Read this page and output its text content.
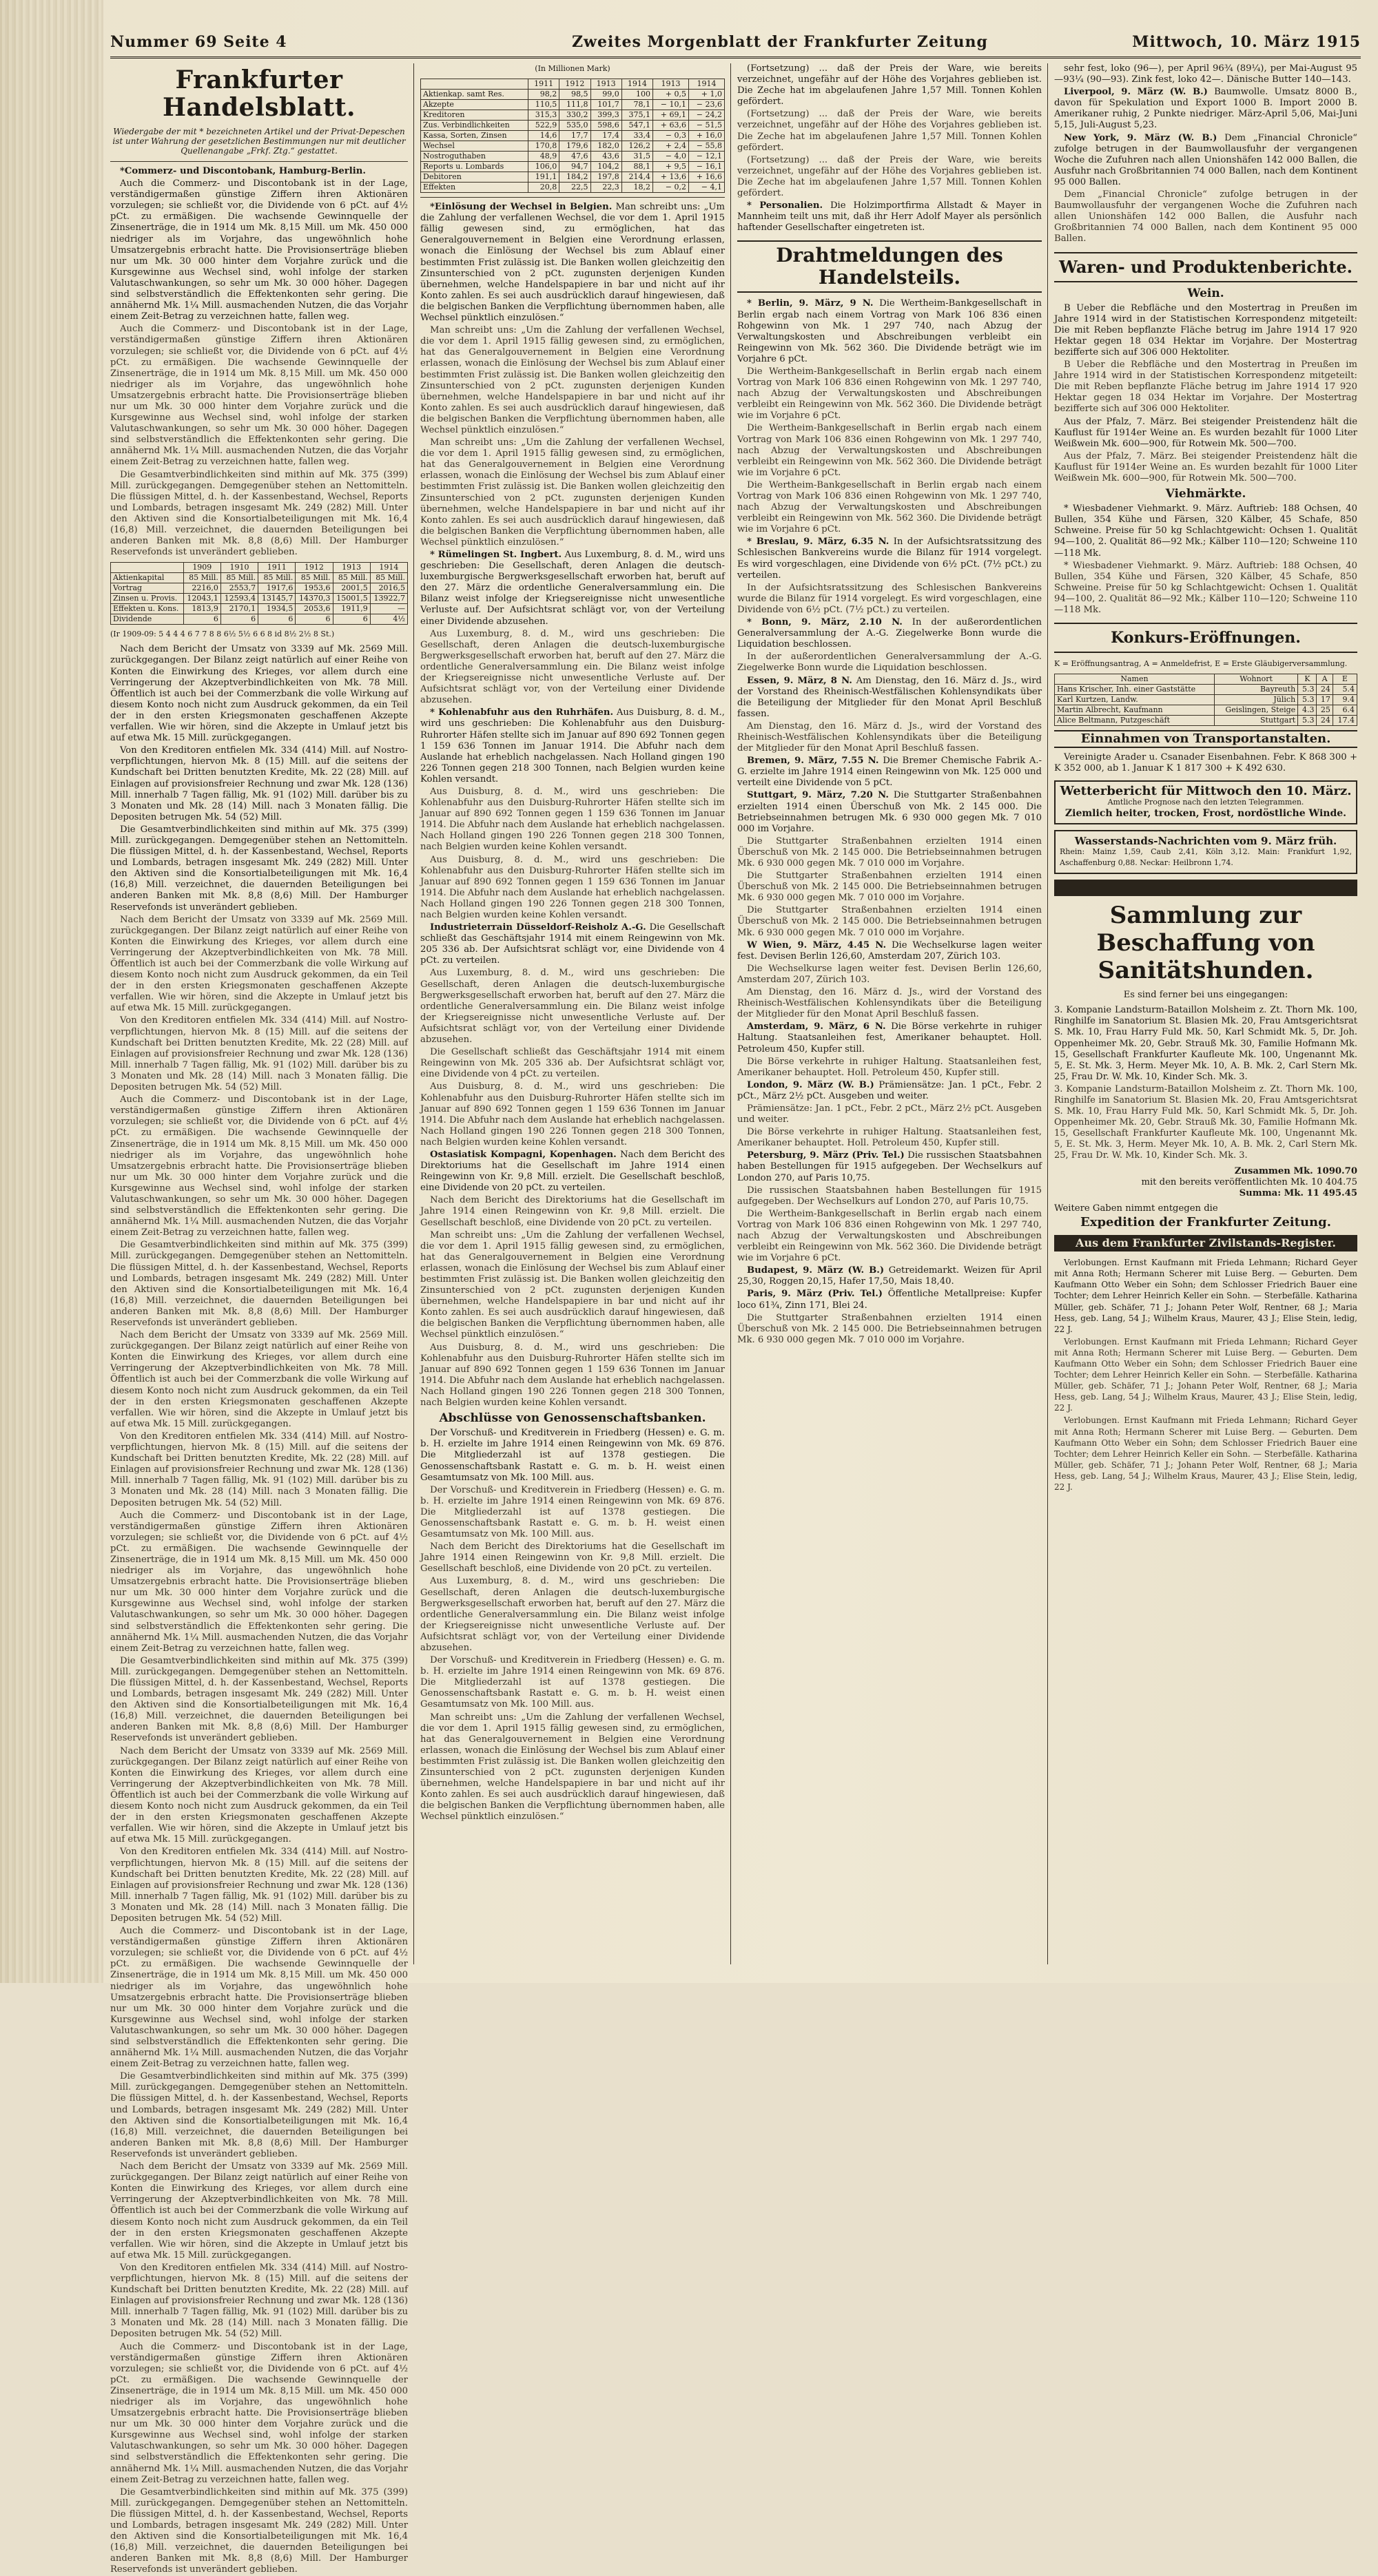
Nummer 69 Seite 4	Zweites Morgenblatt der Frankfurter Zeitung	Mittwoch, 10. März 1915
Frankfurter Handelsblatt.
Wiedergabe der mit * bezeichneten Artikel und der Privat-Depeschen ist unter Wahrung der gesetzlichen Bestimmungen nur mit deutlicher Quellenangabe „Frkf. Ztg.“ gestattet.

*Commerz- und Discontobank, Hamburg-Berlin.

Auch die Commerz- und Discontobank ist in der Lage, verständigermaßen günstige Ziffern ihren Aktionären vorzulegen; sie schließt vor, die Dividende von 6 pCt. auf 4½ pCt. zu ermäßigen. Die wachsende Gewinnquelle der Zinsenerträge, die in 1914 um Mk. 8,15 Mill. um Mk. 450 000 niedriger als im Vorjahre, das ungewöhnlich hohe Umsatzergebnis erbracht hatte. Die Provisionserträge blieben nur um Mk. 30 000 hinter dem Vorjahre zurück und die Kursgewinne aus Wechsel sind, wohl infolge der starken Valutaschwankungen, so sehr um Mk. 30 000 höher. Dagegen sind selbstverständlich die Effektenkonten sehr gering. Die annähernd Mk. 1¼ Mill. ausmachenden Nutzen, die das Vorjahr einem Zeit-Betrag zu verzeichnen hatte, fallen weg.

Auch die Commerz- und Discontobank ist in der Lage, verständigermaßen günstige Ziffern ihren Aktionären vorzulegen; sie schließt vor, die Dividende von 6 pCt. auf 4½ pCt. zu ermäßigen. Die wachsende Gewinnquelle der Zinsenerträge, die in 1914 um Mk. 8,15 Mill. um Mk. 450 000 niedriger als im Vorjahre, das ungewöhnlich hohe Umsatzergebnis erbracht hatte. Die Provisionserträge blieben nur um Mk. 30 000 hinter dem Vorjahre zurück und die Kursgewinne aus Wechsel sind, wohl infolge der starken Valutaschwankungen, so sehr um Mk. 30 000 höher. Dagegen sind selbstverständlich die Effektenkonten sehr gering. Die annähernd Mk. 1¼ Mill. ausmachenden Nutzen, die das Vorjahr einem Zeit-Betrag zu verzeichnen hatte, fallen weg.

Die Gesamtverbindlichkeiten sind mithin auf Mk. 375 (399) Mill. zurückgegangen. Demgegenüber stehen an Nettomitteln. Die flüssigen Mittel, d. h. der Kassenbestand, Wechsel, Reports und Lombards, betragen insgesamt Mk. 249 (282) Mill. Unter den Aktiven sind die Konsortialbeteiligungen mit Mk. 16,4 (16,8) Mill. verzeichnet, die dauernden Beteiligungen bei anderen Banken mit Mk. 8,8 (8,6) Mill. Der Hamburger Reservefonds ist unverändert geblieben.

	1909	1910	1911	1912	1913	1914
Aktienkapital	85 Mill.	85 Mill.	85 Mill.	85 Mill.	85 Mill.	85 Mill.
Vortrag	2216,0	2553,7	1917,6	1953,6	2001,5	2016,5
Zinsen u. Provis.	12043,1	12593,4	13145,7	14370,3	15001,5	13922,7
Effekten u. Kons.	1813,9	2170,1	1934,5	2053,6	1911,9	—
Dividende	6	6	6	6	6	4½
(Ir 1909-09: 5 4 4 4 6 7 7 8 8 6½ 5½ 6 6 8 id 8½ 2½ 8 St.)

Nach dem Bericht der Umsatz von 3339 auf Mk. 2569 Mill. zurückgegangen. Der Bilanz zeigt natürlich auf einer Reihe von Konten die Einwirkung des Krieges, vor allem durch eine Verringerung der Akzeptverbindlichkeiten von Mk. 78 Mill. Öffentlich ist auch bei der Commerzbank die volle Wirkung auf diesem Konto noch nicht zum Ausdruck gekommen, da ein Teil der in den ersten Kriegsmonaten geschaffenen Akzepte verfallen. Wie wir hören, sind die Akzepte in Umlauf jetzt bis auf etwa Mk. 15 Mill. zurückgegangen.

Von den Kreditoren entfielen Mk. 334 (414) Mill. auf Nostro-verpflichtungen, hiervon Mk. 8 (15) Mill. auf die seitens der Kundschaft bei Dritten benutzten Kredite, Mk. 22 (28) Mill. auf Einlagen auf provisionsfreier Rechnung und zwar Mk. 128 (136) Mill. innerhalb 7 Tagen fällig, Mk. 91 (102) Mill. darüber bis zu 3 Monaten und Mk. 28 (14) Mill. nach 3 Monaten fällig. Die Depositen betrugen Mk. 54 (52) Mill.

Die Gesamtverbindlichkeiten sind mithin auf Mk. 375 (399) Mill. zurückgegangen. Demgegenüber stehen an Nettomitteln. Die flüssigen Mittel, d. h. der Kassenbestand, Wechsel, Reports und Lombards, betragen insgesamt Mk. 249 (282) Mill. Unter den Aktiven sind die Konsortialbeteiligungen mit Mk. 16,4 (16,8) Mill. verzeichnet, die dauernden Beteiligungen bei anderen Banken mit Mk. 8,8 (8,6) Mill. Der Hamburger Reservefonds ist unverändert geblieben.

Nach dem Bericht der Umsatz von 3339 auf Mk. 2569 Mill. zurückgegangen. Der Bilanz zeigt natürlich auf einer Reihe von Konten die Einwirkung des Krieges, vor allem durch eine Verringerung der Akzeptverbindlichkeiten von Mk. 78 Mill. Öffentlich ist auch bei der Commerzbank die volle Wirkung auf diesem Konto noch nicht zum Ausdruck gekommen, da ein Teil der in den ersten Kriegsmonaten geschaffenen Akzepte verfallen. Wie wir hören, sind die Akzepte in Umlauf jetzt bis auf etwa Mk. 15 Mill. zurückgegangen.

Von den Kreditoren entfielen Mk. 334 (414) Mill. auf Nostro-verpflichtungen, hiervon Mk. 8 (15) Mill. auf die seitens der Kundschaft bei Dritten benutzten Kredite, Mk. 22 (28) Mill. auf Einlagen auf provisionsfreier Rechnung und zwar Mk. 128 (136) Mill. innerhalb 7 Tagen fällig, Mk. 91 (102) Mill. darüber bis zu 3 Monaten und Mk. 28 (14) Mill. nach 3 Monaten fällig. Die Depositen betrugen Mk. 54 (52) Mill.

Auch die Commerz- und Discontobank ist in der Lage, verständigermaßen günstige Ziffern ihren Aktionären vorzulegen; sie schließt vor, die Dividende von 6 pCt. auf 4½ pCt. zu ermäßigen. Die wachsende Gewinnquelle der Zinsenerträge, die in 1914 um Mk. 8,15 Mill. um Mk. 450 000 niedriger als im Vorjahre, das ungewöhnlich hohe Umsatzergebnis erbracht hatte. Die Provisionserträge blieben nur um Mk. 30 000 hinter dem Vorjahre zurück und die Kursgewinne aus Wechsel sind, wohl infolge der starken Valutaschwankungen, so sehr um Mk. 30 000 höher. Dagegen sind selbstverständlich die Effektenkonten sehr gering. Die annähernd Mk. 1¼ Mill. ausmachenden Nutzen, die das Vorjahr einem Zeit-Betrag zu verzeichnen hatte, fallen weg.

Die Gesamtverbindlichkeiten sind mithin auf Mk. 375 (399) Mill. zurückgegangen. Demgegenüber stehen an Nettomitteln. Die flüssigen Mittel, d. h. der Kassenbestand, Wechsel, Reports und Lombards, betragen insgesamt Mk. 249 (282) Mill. Unter den Aktiven sind die Konsortialbeteiligungen mit Mk. 16,4 (16,8) Mill. verzeichnet, die dauernden Beteiligungen bei anderen Banken mit Mk. 8,8 (8,6) Mill. Der Hamburger Reservefonds ist unverändert geblieben.

Nach dem Bericht der Umsatz von 3339 auf Mk. 2569 Mill. zurückgegangen. Der Bilanz zeigt natürlich auf einer Reihe von Konten die Einwirkung des Krieges, vor allem durch eine Verringerung der Akzeptverbindlichkeiten von Mk. 78 Mill. Öffentlich ist auch bei der Commerzbank die volle Wirkung auf diesem Konto noch nicht zum Ausdruck gekommen, da ein Teil der in den ersten Kriegsmonaten geschaffenen Akzepte verfallen. Wie wir hören, sind die Akzepte in Umlauf jetzt bis auf etwa Mk. 15 Mill. zurückgegangen.

Von den Kreditoren entfielen Mk. 334 (414) Mill. auf Nostro-verpflichtungen, hiervon Mk. 8 (15) Mill. auf die seitens der Kundschaft bei Dritten benutzten Kredite, Mk. 22 (28) Mill. auf Einlagen auf provisionsfreier Rechnung und zwar Mk. 128 (136) Mill. innerhalb 7 Tagen fällig, Mk. 91 (102) Mill. darüber bis zu 3 Monaten und Mk. 28 (14) Mill. nach 3 Monaten fällig. Die Depositen betrugen Mk. 54 (52) Mill.

Auch die Commerz- und Discontobank ist in der Lage, verständigermaßen günstige Ziffern ihren Aktionären vorzulegen; sie schließt vor, die Dividende von 6 pCt. auf 4½ pCt. zu ermäßigen. Die wachsende Gewinnquelle der Zinsenerträge, die in 1914 um Mk. 8,15 Mill. um Mk. 450 000 niedriger als im Vorjahre, das ungewöhnlich hohe Umsatzergebnis erbracht hatte. Die Provisionserträge blieben nur um Mk. 30 000 hinter dem Vorjahre zurück und die Kursgewinne aus Wechsel sind, wohl infolge der starken Valutaschwankungen, so sehr um Mk. 30 000 höher. Dagegen sind selbstverständlich die Effektenkonten sehr gering. Die annähernd Mk. 1¼ Mill. ausmachenden Nutzen, die das Vorjahr einem Zeit-Betrag zu verzeichnen hatte, fallen weg.

Die Gesamtverbindlichkeiten sind mithin auf Mk. 375 (399) Mill. zurückgegangen. Demgegenüber stehen an Nettomitteln. Die flüssigen Mittel, d. h. der Kassenbestand, Wechsel, Reports und Lombards, betragen insgesamt Mk. 249 (282) Mill. Unter den Aktiven sind die Konsortialbeteiligungen mit Mk. 16,4 (16,8) Mill. verzeichnet, die dauernden Beteiligungen bei anderen Banken mit Mk. 8,8 (8,6) Mill. Der Hamburger Reservefonds ist unverändert geblieben.

Nach dem Bericht der Umsatz von 3339 auf Mk. 2569 Mill. zurückgegangen. Der Bilanz zeigt natürlich auf einer Reihe von Konten die Einwirkung des Krieges, vor allem durch eine Verringerung der Akzeptverbindlichkeiten von Mk. 78 Mill. Öffentlich ist auch bei der Commerzbank die volle Wirkung auf diesem Konto noch nicht zum Ausdruck gekommen, da ein Teil der in den ersten Kriegsmonaten geschaffenen Akzepte verfallen. Wie wir hören, sind die Akzepte in Umlauf jetzt bis auf etwa Mk. 15 Mill. zurückgegangen.

Von den Kreditoren entfielen Mk. 334 (414) Mill. auf Nostro-verpflichtungen, hiervon Mk. 8 (15) Mill. auf die seitens der Kundschaft bei Dritten benutzten Kredite, Mk. 22 (28) Mill. auf Einlagen auf provisionsfreier Rechnung und zwar Mk. 128 (136) Mill. innerhalb 7 Tagen fällig, Mk. 91 (102) Mill. darüber bis zu 3 Monaten und Mk. 28 (14) Mill. nach 3 Monaten fällig. Die Depositen betrugen Mk. 54 (52) Mill.

Auch die Commerz- und Discontobank ist in der Lage, verständigermaßen günstige Ziffern ihren Aktionären vorzulegen; sie schließt vor, die Dividende von 6 pCt. auf 4½ pCt. zu ermäßigen. Die wachsende Gewinnquelle der Zinsenerträge, die in 1914 um Mk. 8,15 Mill. um Mk. 450 000 niedriger als im Vorjahre, das ungewöhnlich hohe Umsatzergebnis erbracht hatte. Die Provisionserträge blieben nur um Mk. 30 000 hinter dem Vorjahre zurück und die Kursgewinne aus Wechsel sind, wohl infolge der starken Valutaschwankungen, so sehr um Mk. 30 000 höher. Dagegen sind selbstverständlich die Effektenkonten sehr gering. Die annähernd Mk. 1¼ Mill. ausmachenden Nutzen, die das Vorjahr einem Zeit-Betrag zu verzeichnen hatte, fallen weg.

Die Gesamtverbindlichkeiten sind mithin auf Mk. 375 (399) Mill. zurückgegangen. Demgegenüber stehen an Nettomitteln. Die flüssigen Mittel, d. h. der Kassenbestand, Wechsel, Reports und Lombards, betragen insgesamt Mk. 249 (282) Mill. Unter den Aktiven sind die Konsortialbeteiligungen mit Mk. 16,4 (16,8) Mill. verzeichnet, die dauernden Beteiligungen bei anderen Banken mit Mk. 8,8 (8,6) Mill. Der Hamburger Reservefonds ist unverändert geblieben.

Nach dem Bericht der Umsatz von 3339 auf Mk. 2569 Mill. zurückgegangen. Der Bilanz zeigt natürlich auf einer Reihe von Konten die Einwirkung des Krieges, vor allem durch eine Verringerung der Akzeptverbindlichkeiten von Mk. 78 Mill. Öffentlich ist auch bei der Commerzbank die volle Wirkung auf diesem Konto noch nicht zum Ausdruck gekommen, da ein Teil der in den ersten Kriegsmonaten geschaffenen Akzepte verfallen. Wie wir hören, sind die Akzepte in Umlauf jetzt bis auf etwa Mk. 15 Mill. zurückgegangen.

Von den Kreditoren entfielen Mk. 334 (414) Mill. auf Nostro-verpflichtungen, hiervon Mk. 8 (15) Mill. auf die seitens der Kundschaft bei Dritten benutzten Kredite, Mk. 22 (28) Mill. auf Einlagen auf provisionsfreier Rechnung und zwar Mk. 128 (136) Mill. innerhalb 7 Tagen fällig, Mk. 91 (102) Mill. darüber bis zu 3 Monaten und Mk. 28 (14) Mill. nach 3 Monaten fällig. Die Depositen betrugen Mk. 54 (52) Mill.

Auch die Commerz- und Discontobank ist in der Lage, verständigermaßen günstige Ziffern ihren Aktionären vorzulegen; sie schließt vor, die Dividende von 6 pCt. auf 4½ pCt. zu ermäßigen. Die wachsende Gewinnquelle der Zinsenerträge, die in 1914 um Mk. 8,15 Mill. um Mk. 450 000 niedriger als im Vorjahre, das ungewöhnlich hohe Umsatzergebnis erbracht hatte. Die Provisionserträge blieben nur um Mk. 30 000 hinter dem Vorjahre zurück und die Kursgewinne aus Wechsel sind, wohl infolge der starken Valutaschwankungen, so sehr um Mk. 30 000 höher. Dagegen sind selbstverständlich die Effektenkonten sehr gering. Die annähernd Mk. 1¼ Mill. ausmachenden Nutzen, die das Vorjahr einem Zeit-Betrag zu verzeichnen hatte, fallen weg.

Die Gesamtverbindlichkeiten sind mithin auf Mk. 375 (399) Mill. zurückgegangen. Demgegenüber stehen an Nettomitteln. Die flüssigen Mittel, d. h. der Kassenbestand, Wechsel, Reports und Lombards, betragen insgesamt Mk. 249 (282) Mill. Unter den Aktiven sind die Konsortialbeteiligungen mit Mk. 16,4 (16,8) Mill. verzeichnet, die dauernden Beteiligungen bei anderen Banken mit Mk. 8,8 (8,6) Mill. Der Hamburger Reservefonds ist unverändert geblieben.

(In Millionen Mark)
	1911	1912	1913	1914	1913	1914
Aktienkap. samt Res.	98,2	98,5	99,0	100	+ 0,5	+ 1,0
Akzepte	110,5	111,8	101,7	78,1	− 10,1	− 23,6
Kreditoren	315,3	330,2	399,3	375,1	+ 69,1	− 24,2
Zus. Verbindlichkeiten	522,9	535,0	598,6	547,1	+ 63,6	− 51,5
Kassa, Sorten, Zinsen	14,6	17,7	17,4	33,4	− 0,3	+ 16,0
Wechsel	170,8	179,6	182,0	126,2	+ 2,4	− 55,8
Nostroguthaben	48,9	47,6	43,6	31,5	− 4,0	− 12,1
Reports u. Lombards	106,0	94,7	104,2	88,1	+ 9,5	− 16,1
Debitoren	191,1	184,2	197,8	214,4	+ 13,6	+ 16,6
Effekten	20,8	22,5	22,3	18,2	− 0,2	− 4,1

*Einlösung der Wechsel in Belgien. Man schreibt uns: „Um die Zahlung der verfallenen Wechsel, die vor dem 1. April 1915 fällig gewesen sind, zu ermöglichen, hat das Generalgouvernement in Belgien eine Verordnung erlassen, wonach die Einlösung der Wechsel bis zum Ablauf einer bestimmten Frist zulässig ist. Die Banken wollen gleichzeitig den Zinsunterschied von 2 pCt. zugunsten derjenigen Kunden übernehmen, welche Handelspapiere in bar und nicht auf ihr Konto zahlen. Es sei auch ausdrücklich darauf hingewiesen, daß die belgischen Banken die Verpflichtung übernommen haben, alle Wechsel pünktlich einzulösen.“

Man schreibt uns: „Um die Zahlung der verfallenen Wechsel, die vor dem 1. April 1915 fällig gewesen sind, zu ermöglichen, hat das Generalgouvernement in Belgien eine Verordnung erlassen, wonach die Einlösung der Wechsel bis zum Ablauf einer bestimmten Frist zulässig ist. Die Banken wollen gleichzeitig den Zinsunterschied von 2 pCt. zugunsten derjenigen Kunden übernehmen, welche Handelspapiere in bar und nicht auf ihr Konto zahlen. Es sei auch ausdrücklich darauf hingewiesen, daß die belgischen Banken die Verpflichtung übernommen haben, alle Wechsel pünktlich einzulösen.“

Man schreibt uns: „Um die Zahlung der verfallenen Wechsel, die vor dem 1. April 1915 fällig gewesen sind, zu ermöglichen, hat das Generalgouvernement in Belgien eine Verordnung erlassen, wonach die Einlösung der Wechsel bis zum Ablauf einer bestimmten Frist zulässig ist. Die Banken wollen gleichzeitig den Zinsunterschied von 2 pCt. zugunsten derjenigen Kunden übernehmen, welche Handelspapiere in bar und nicht auf ihr Konto zahlen. Es sei auch ausdrücklich darauf hingewiesen, daß die belgischen Banken die Verpflichtung übernommen haben, alle Wechsel pünktlich einzulösen.“

* Rümelingen St. Ingbert. Aus Luxemburg, 8. d. M., wird uns geschrieben: Die Gesellschaft, deren Anlagen die deutsch-luxemburgische Bergwerksgesellschaft erworben hat, beruft auf den 27. März die ordentliche Generalversammlung ein. Die Bilanz weist infolge der Kriegsereignisse nicht unwesentliche Verluste auf. Der Aufsichtsrat schlägt vor, von der Verteilung einer Dividende abzusehen.

Aus Luxemburg, 8. d. M., wird uns geschrieben: Die Gesellschaft, deren Anlagen die deutsch-luxemburgische Bergwerksgesellschaft erworben hat, beruft auf den 27. März die ordentliche Generalversammlung ein. Die Bilanz weist infolge der Kriegsereignisse nicht unwesentliche Verluste auf. Der Aufsichtsrat schlägt vor, von der Verteilung einer Dividende abzusehen.

* Kohlenabfuhr aus den Ruhrhäfen. Aus Duisburg, 8. d. M., wird uns geschrieben: Die Kohlenabfuhr aus den Duisburg-Ruhrorter Häfen stellte sich im Januar auf 890 692 Tonnen gegen 1 159 636 Tonnen im Januar 1914. Die Abfuhr nach dem Auslande hat erheblich nachgelassen. Nach Holland gingen 190 226 Tonnen gegen 218 300 Tonnen, nach Belgien wurden keine Kohlen versandt.

Aus Duisburg, 8. d. M., wird uns geschrieben: Die Kohlenabfuhr aus den Duisburg-Ruhrorter Häfen stellte sich im Januar auf 890 692 Tonnen gegen 1 159 636 Tonnen im Januar 1914. Die Abfuhr nach dem Auslande hat erheblich nachgelassen. Nach Holland gingen 190 226 Tonnen gegen 218 300 Tonnen, nach Belgien wurden keine Kohlen versandt.

Aus Duisburg, 8. d. M., wird uns geschrieben: Die Kohlenabfuhr aus den Duisburg-Ruhrorter Häfen stellte sich im Januar auf 890 692 Tonnen gegen 1 159 636 Tonnen im Januar 1914. Die Abfuhr nach dem Auslande hat erheblich nachgelassen. Nach Holland gingen 190 226 Tonnen gegen 218 300 Tonnen, nach Belgien wurden keine Kohlen versandt.

Industrieterrain Düsseldorf-Reisholz A.-G. Die Gesellschaft schließt das Geschäftsjahr 1914 mit einem Reingewinn von Mk. 205 336 ab. Der Aufsichtsrat schlägt vor, eine Dividende von 4 pCt. zu verteilen.

Aus Luxemburg, 8. d. M., wird uns geschrieben: Die Gesellschaft, deren Anlagen die deutsch-luxemburgische Bergwerksgesellschaft erworben hat, beruft auf den 27. März die ordentliche Generalversammlung ein. Die Bilanz weist infolge der Kriegsereignisse nicht unwesentliche Verluste auf. Der Aufsichtsrat schlägt vor, von der Verteilung einer Dividende abzusehen.

Die Gesellschaft schließt das Geschäftsjahr 1914 mit einem Reingewinn von Mk. 205 336 ab. Der Aufsichtsrat schlägt vor, eine Dividende von 4 pCt. zu verteilen.

Aus Duisburg, 8. d. M., wird uns geschrieben: Die Kohlenabfuhr aus den Duisburg-Ruhrorter Häfen stellte sich im Januar auf 890 692 Tonnen gegen 1 159 636 Tonnen im Januar 1914. Die Abfuhr nach dem Auslande hat erheblich nachgelassen. Nach Holland gingen 190 226 Tonnen gegen 218 300 Tonnen, nach Belgien wurden keine Kohlen versandt.

Ostasiatisk Kompagni, Kopenhagen. Nach dem Bericht des Direktoriums hat die Gesellschaft im Jahre 1914 einen Reingewinn von Kr. 9,8 Mill. erzielt. Die Gesellschaft beschloß, eine Dividende von 20 pCt. zu verteilen.

Nach dem Bericht des Direktoriums hat die Gesellschaft im Jahre 1914 einen Reingewinn von Kr. 9,8 Mill. erzielt. Die Gesellschaft beschloß, eine Dividende von 20 pCt. zu verteilen.

Man schreibt uns: „Um die Zahlung der verfallenen Wechsel, die vor dem 1. April 1915 fällig gewesen sind, zu ermöglichen, hat das Generalgouvernement in Belgien eine Verordnung erlassen, wonach die Einlösung der Wechsel bis zum Ablauf einer bestimmten Frist zulässig ist. Die Banken wollen gleichzeitig den Zinsunterschied von 2 pCt. zugunsten derjenigen Kunden übernehmen, welche Handelspapiere in bar und nicht auf ihr Konto zahlen. Es sei auch ausdrücklich darauf hingewiesen, daß die belgischen Banken die Verpflichtung übernommen haben, alle Wechsel pünktlich einzulösen.“

Aus Duisburg, 8. d. M., wird uns geschrieben: Die Kohlenabfuhr aus den Duisburg-Ruhrorter Häfen stellte sich im Januar auf 890 692 Tonnen gegen 1 159 636 Tonnen im Januar 1914. Die Abfuhr nach dem Auslande hat erheblich nachgelassen. Nach Holland gingen 190 226 Tonnen gegen 218 300 Tonnen, nach Belgien wurden keine Kohlen versandt.

Abschlüsse von Genossenschaftsbanken.

Der Vorschuß- und Kreditverein in Friedberg (Hessen) e. G. m. b. H. erzielte im Jahre 1914 einen Reingewinn von Mk. 69 876. Die Mitgliederzahl ist auf 1378 gestiegen. Die Genossenschaftsbank Rastatt e. G. m. b. H. weist einen Gesamtumsatz von Mk. 100 Mill. aus.

Der Vorschuß- und Kreditverein in Friedberg (Hessen) e. G. m. b. H. erzielte im Jahre 1914 einen Reingewinn von Mk. 69 876. Die Mitgliederzahl ist auf 1378 gestiegen. Die Genossenschaftsbank Rastatt e. G. m. b. H. weist einen Gesamtumsatz von Mk. 100 Mill. aus.

Nach dem Bericht des Direktoriums hat die Gesellschaft im Jahre 1914 einen Reingewinn von Kr. 9,8 Mill. erzielt. Die Gesellschaft beschloß, eine Dividende von 20 pCt. zu verteilen.

Aus Luxemburg, 8. d. M., wird uns geschrieben: Die Gesellschaft, deren Anlagen die deutsch-luxemburgische Bergwerksgesellschaft erworben hat, beruft auf den 27. März die ordentliche Generalversammlung ein. Die Bilanz weist infolge der Kriegsereignisse nicht unwesentliche Verluste auf. Der Aufsichtsrat schlägt vor, von der Verteilung einer Dividende abzusehen.

Der Vorschuß- und Kreditverein in Friedberg (Hessen) e. G. m. b. H. erzielte im Jahre 1914 einen Reingewinn von Mk. 69 876. Die Mitgliederzahl ist auf 1378 gestiegen. Die Genossenschaftsbank Rastatt e. G. m. b. H. weist einen Gesamtumsatz von Mk. 100 Mill. aus.

Man schreibt uns: „Um die Zahlung der verfallenen Wechsel, die vor dem 1. April 1915 fällig gewesen sind, zu ermöglichen, hat das Generalgouvernement in Belgien eine Verordnung erlassen, wonach die Einlösung der Wechsel bis zum Ablauf einer bestimmten Frist zulässig ist. Die Banken wollen gleichzeitig den Zinsunterschied von 2 pCt. zugunsten derjenigen Kunden übernehmen, welche Handelspapiere in bar und nicht auf ihr Konto zahlen. Es sei auch ausdrücklich darauf hingewiesen, daß die belgischen Banken die Verpflichtung übernommen haben, alle Wechsel pünktlich einzulösen.“

(Fortsetzung) ... daß der Preis der Ware, wie bereits verzeichnet, ungefähr auf der Höhe des Vorjahres geblieben ist. Die Zeche hat im abgelaufenen Jahre 1,57 Mill. Tonnen Kohlen gefördert.

(Fortsetzung) ... daß der Preis der Ware, wie bereits verzeichnet, ungefähr auf der Höhe des Vorjahres geblieben ist. Die Zeche hat im abgelaufenen Jahre 1,57 Mill. Tonnen Kohlen gefördert.

(Fortsetzung) ... daß der Preis der Ware, wie bereits verzeichnet, ungefähr auf der Höhe des Vorjahres geblieben ist. Die Zeche hat im abgelaufenen Jahre 1,57 Mill. Tonnen Kohlen gefördert.

* Personalien. Die Holzimportfirma Allstadt & Mayer in Mannheim teilt uns mit, daß ihr Herr Adolf Mayer als persönlich haftender Gesellschafter eingetreten ist.

Drahtmeldungen des Handelsteils.

* Berlin, 9. März, 9 N. Die Wertheim-Bankgesellschaft in Berlin ergab nach einem Vortrag von Mark 106 836 einen Rohgewinn von Mk. 1 297 740, nach Abzug der Verwaltungskosten und Abschreibungen verbleibt ein Reingewinn von Mk. 562 360. Die Dividende beträgt wie im Vorjahre 6 pCt.

Die Wertheim-Bankgesellschaft in Berlin ergab nach einem Vortrag von Mark 106 836 einen Rohgewinn von Mk. 1 297 740, nach Abzug der Verwaltungskosten und Abschreibungen verbleibt ein Reingewinn von Mk. 562 360. Die Dividende beträgt wie im Vorjahre 6 pCt.

Die Wertheim-Bankgesellschaft in Berlin ergab nach einem Vortrag von Mark 106 836 einen Rohgewinn von Mk. 1 297 740, nach Abzug der Verwaltungskosten und Abschreibungen verbleibt ein Reingewinn von Mk. 562 360. Die Dividende beträgt wie im Vorjahre 6 pCt.

Die Wertheim-Bankgesellschaft in Berlin ergab nach einem Vortrag von Mark 106 836 einen Rohgewinn von Mk. 1 297 740, nach Abzug der Verwaltungskosten und Abschreibungen verbleibt ein Reingewinn von Mk. 562 360. Die Dividende beträgt wie im Vorjahre 6 pCt.

* Breslau, 9. März, 6.35 N. In der Aufsichtsratssitzung des Schlesischen Bankvereins wurde die Bilanz für 1914 vorgelegt. Es wird vorgeschlagen, eine Dividende von 6½ pCt. (7½ pCt.) zu verteilen.

In der Aufsichtsratssitzung des Schlesischen Bankvereins wurde die Bilanz für 1914 vorgelegt. Es wird vorgeschlagen, eine Dividende von 6½ pCt. (7½ pCt.) zu verteilen.

* Bonn, 9. März, 2.10 N. In der außerordentlichen Generalversammlung der A.-G. Ziegelwerke Bonn wurde die Liquidation beschlossen.

In der außerordentlichen Generalversammlung der A.-G. Ziegelwerke Bonn wurde die Liquidation beschlossen.

Essen, 9. März, 8 N. Am Dienstag, den 16. März d. Js., wird der Vorstand des Rheinisch-Westfälischen Kohlensyndikats über die Beteiligung der Mitglieder für den Monat April Beschluß fassen.

Am Dienstag, den 16. März d. Js., wird der Vorstand des Rheinisch-Westfälischen Kohlensyndikats über die Beteiligung der Mitglieder für den Monat April Beschluß fassen.

Bremen, 9. März, 7.55 N. Die Bremer Chemische Fabrik A.-G. erzielte im Jahre 1914 einen Reingewinn von Mk. 125 000 und verteilt eine Dividende von 5 pCt.

Stuttgart, 9. März, 7.20 N. Die Stuttgarter Straßenbahnen erzielten 1914 einen Überschuß von Mk. 2 145 000. Die Betriebseinnahmen betrugen Mk. 6 930 000 gegen Mk. 7 010 000 im Vorjahre.

Die Stuttgarter Straßenbahnen erzielten 1914 einen Überschuß von Mk. 2 145 000. Die Betriebseinnahmen betrugen Mk. 6 930 000 gegen Mk. 7 010 000 im Vorjahre.

Die Stuttgarter Straßenbahnen erzielten 1914 einen Überschuß von Mk. 2 145 000. Die Betriebseinnahmen betrugen Mk. 6 930 000 gegen Mk. 7 010 000 im Vorjahre.

Die Stuttgarter Straßenbahnen erzielten 1914 einen Überschuß von Mk. 2 145 000. Die Betriebseinnahmen betrugen Mk. 6 930 000 gegen Mk. 7 010 000 im Vorjahre.

W Wien, 9. März, 4.45 N. Die Wechselkurse lagen weiter fest. Devisen Berlin 126,60, Amsterdam 207, Zürich 103.

Die Wechselkurse lagen weiter fest. Devisen Berlin 126,60, Amsterdam 207, Zürich 103.

Am Dienstag, den 16. März d. Js., wird der Vorstand des Rheinisch-Westfälischen Kohlensyndikats über die Beteiligung der Mitglieder für den Monat April Beschluß fassen.

Amsterdam, 9. März, 6 N. Die Börse verkehrte in ruhiger Haltung. Staatsanleihen fest, Amerikaner behauptet. Holl. Petroleum 450, Kupfer still.

Die Börse verkehrte in ruhiger Haltung. Staatsanleihen fest, Amerikaner behauptet. Holl. Petroleum 450, Kupfer still.

London, 9. März (W. B.) Prämiensätze: Jan. 1 pCt., Febr. 2 pCt., März 2½ pCt. Ausgeben und weiter.

Prämiensätze: Jan. 1 pCt., Febr. 2 pCt., März 2½ pCt. Ausgeben und weiter.

Die Börse verkehrte in ruhiger Haltung. Staatsanleihen fest, Amerikaner behauptet. Holl. Petroleum 450, Kupfer still.

Petersburg, 9. März (Priv. Tel.) Die russischen Staatsbahnen haben Bestellungen für 1915 aufgegeben. Der Wechselkurs auf London 270, auf Paris 10,75.

Die russischen Staatsbahnen haben Bestellungen für 1915 aufgegeben. Der Wechselkurs auf London 270, auf Paris 10,75.

Die Wertheim-Bankgesellschaft in Berlin ergab nach einem Vortrag von Mark 106 836 einen Rohgewinn von Mk. 1 297 740, nach Abzug der Verwaltungskosten und Abschreibungen verbleibt ein Reingewinn von Mk. 562 360. Die Dividende beträgt wie im Vorjahre 6 pCt.

Budapest, 9. März (W. B.) Getreidemarkt. Weizen für April 25,30, Roggen 20,15, Hafer 17,50, Mais 18,40.

Paris, 9. März (Priv. Tel.) Öffentliche Metallpreise: Kupfer loco 61¾, Zinn 171, Blei 24.

Die Stuttgarter Straßenbahnen erzielten 1914 einen Überschuß von Mk. 2 145 000. Die Betriebseinnahmen betrugen Mk. 6 930 000 gegen Mk. 7 010 000 im Vorjahre.

sehr fest, loko (96—), per April 96¾ (89¼), per Mai-August 95—93¼ (90—93). Zink fest, loko 42—. Dänische Butter 140—143.

Liverpool, 9. März (W. B.) Baumwolle. Umsatz 8000 B., davon für Spekulation und Export 1000 B. Import 2000 B. Amerikaner ruhig, 2 Punkte niedriger. März-April 5,06, Mai-Juni 5,15, Juli-August 5,23.

New York, 9. März (W. B.) Dem „Financial Chronicle“ zufolge betrugen in der Baumwollausfuhr der vergangenen Woche die Zufuhren nach allen Unionshäfen 142 000 Ballen, die Ausfuhr nach Großbritannien 74 000 Ballen, nach dem Kontinent 95 000 Ballen.

Dem „Financial Chronicle“ zufolge betrugen in der Baumwollausfuhr der vergangenen Woche die Zufuhren nach allen Unionshäfen 142 000 Ballen, die Ausfuhr nach Großbritannien 74 000 Ballen, nach dem Kontinent 95 000 Ballen.

Waren- und Produktenberichte.
Wein.

B Ueber die Rebfläche und den Mostertrag in Preußen im Jahre 1914 wird in der Statistischen Korrespondenz mitgeteilt: Die mit Reben bepflanzte Fläche betrug im Jahre 1914 17 920 Hektar gegen 18 034 Hektar im Vorjahre. Der Mostertrag bezifferte sich auf 306 000 Hektoliter.

B Ueber die Rebfläche und den Mostertrag in Preußen im Jahre 1914 wird in der Statistischen Korrespondenz mitgeteilt: Die mit Reben bepflanzte Fläche betrug im Jahre 1914 17 920 Hektar gegen 18 034 Hektar im Vorjahre. Der Mostertrag bezifferte sich auf 306 000 Hektoliter.

Aus der Pfalz, 7. März. Bei steigender Preistendenz hält die Kauflust für 1914er Weine an. Es wurden bezahlt für 1000 Liter Weißwein Mk. 600—900, für Rotwein Mk. 500—700.

Aus der Pfalz, 7. März. Bei steigender Preistendenz hält die Kauflust für 1914er Weine an. Es wurden bezahlt für 1000 Liter Weißwein Mk. 600—900, für Rotwein Mk. 500—700.

Viehmärkte.

* Wiesbadener Viehmarkt. 9. März. Auftrieb: 188 Ochsen, 40 Bullen, 354 Kühe und Färsen, 320 Kälber, 45 Schafe, 850 Schweine. Preise für 50 kg Schlachtgewicht: Ochsen 1. Qualität 94—100, 2. Qualität 86—92 Mk.; Kälber 110—120; Schweine 110—118 Mk.

* Wiesbadener Viehmarkt. 9. März. Auftrieb: 188 Ochsen, 40 Bullen, 354 Kühe und Färsen, 320 Kälber, 45 Schafe, 850 Schweine. Preise für 50 kg Schlachtgewicht: Ochsen 1. Qualität 94—100, 2. Qualität 86—92 Mk.; Kälber 110—120; Schweine 110—118 Mk.

Konkurs-Eröffnungen.
K = Eröffnungsantrag, A = Anmeldefrist, E = Erste Gläubigerversammlung.
Namen	Wohnort	K	A	E
Hans Krischer, Inh. einer Gaststätte	Bayreuth	5.3	24	5.4
Karl Kurtzen, Landw.	Jülich	5.3	17	9.4
Martin Albrecht, Kaufmann	Geislingen, Steige	4.3	25	6.4
Alice Beltmann, Putzgeschäft	Stuttgart	5.3	24	17.4
Einnahmen von Transportanstalten.

Vereinigte Arader u. Csanader Eisenbahnen. Febr. K 868 300 + K 352 000, ab 1. Januar K 1 817 300 + K 492 630.

Wetterbericht für Mittwoch den 10. März.
Amtliche Prognose nach den letzten Telegrammen.
Ziemlich heiter, trocken, Frost, nordöstliche Winde.
Wasserstands-Nachrichten vom 9. März früh.
Rhein: Mainz 1,59, Caub 2,41, Köln 3,12. Main: Frankfurt 1,92, Aschaffenburg 0,88. Neckar: Heilbronn 1,74.

Sammlung zur Beschaffung von Sanitätshunden.
Es sind ferner bei uns eingegangen:

3. Kompanie Landsturm-Bataillon Molsheim z. Zt. Thorn Mk. 100, Ringhilfe im Sanatorium St. Blasien Mk. 20, Frau Amtsgerichtsrat S. Mk. 10, Frau Harry Fuld Mk. 50, Karl Schmidt Mk. 5, Dr. Joh. Oppenheimer Mk. 20, Gebr. Strauß Mk. 30, Familie Hofmann Mk. 15, Gesellschaft Frankfurter Kaufleute Mk. 100, Ungenannt Mk. 5, E. St. Mk. 3, Herm. Meyer Mk. 10, A. B. Mk. 2, Carl Stern Mk. 25, Frau Dr. W. Mk. 10, Kinder Sch. Mk. 3.

3. Kompanie Landsturm-Bataillon Molsheim z. Zt. Thorn Mk. 100, Ringhilfe im Sanatorium St. Blasien Mk. 20, Frau Amtsgerichtsrat S. Mk. 10, Frau Harry Fuld Mk. 50, Karl Schmidt Mk. 5, Dr. Joh. Oppenheimer Mk. 20, Gebr. Strauß Mk. 30, Familie Hofmann Mk. 15, Gesellschaft Frankfurter Kaufleute Mk. 100, Ungenannt Mk. 5, E. St. Mk. 3, Herm. Meyer Mk. 10, A. B. Mk. 2, Carl Stern Mk. 25, Frau Dr. W. Mk. 10, Kinder Sch. Mk. 3.

Zusammen Mk. 1090.70
mit den bereits veröffentlichten Mk. 10 404.75
Summa: Mk. 11 495.45
Weitere Gaben nimmt entgegen die
Expedition der Frankfurter Zeitung.
Aus dem Frankfurter Zivilstands-Register.

Verlobungen. Ernst Kaufmann mit Frieda Lehmann; Richard Geyer mit Anna Roth; Hermann Scherer mit Luise Berg. — Geburten. Dem Kaufmann Otto Weber ein Sohn; dem Schlosser Friedrich Bauer eine Tochter; dem Lehrer Heinrich Keller ein Sohn. — Sterbefälle. Katharina Müller, geb. Schäfer, 71 J.; Johann Peter Wolf, Rentner, 68 J.; Maria Hess, geb. Lang, 54 J.; Wilhelm Kraus, Maurer, 43 J.; Elise Stein, ledig, 22 J.

Verlobungen. Ernst Kaufmann mit Frieda Lehmann; Richard Geyer mit Anna Roth; Hermann Scherer mit Luise Berg. — Geburten. Dem Kaufmann Otto Weber ein Sohn; dem Schlosser Friedrich Bauer eine Tochter; dem Lehrer Heinrich Keller ein Sohn. — Sterbefälle. Katharina Müller, geb. Schäfer, 71 J.; Johann Peter Wolf, Rentner, 68 J.; Maria Hess, geb. Lang, 54 J.; Wilhelm Kraus, Maurer, 43 J.; Elise Stein, ledig, 22 J.

Verlobungen. Ernst Kaufmann mit Frieda Lehmann; Richard Geyer mit Anna Roth; Hermann Scherer mit Luise Berg. — Geburten. Dem Kaufmann Otto Weber ein Sohn; dem Schlosser Friedrich Bauer eine Tochter; dem Lehrer Heinrich Keller ein Sohn. — Sterbefälle. Katharina Müller, geb. Schäfer, 71 J.; Johann Peter Wolf, Rentner, 68 J.; Maria Hess, geb. Lang, 54 J.; Wilhelm Kraus, Maurer, 43 J.; Elise Stein, ledig, 22 J.
